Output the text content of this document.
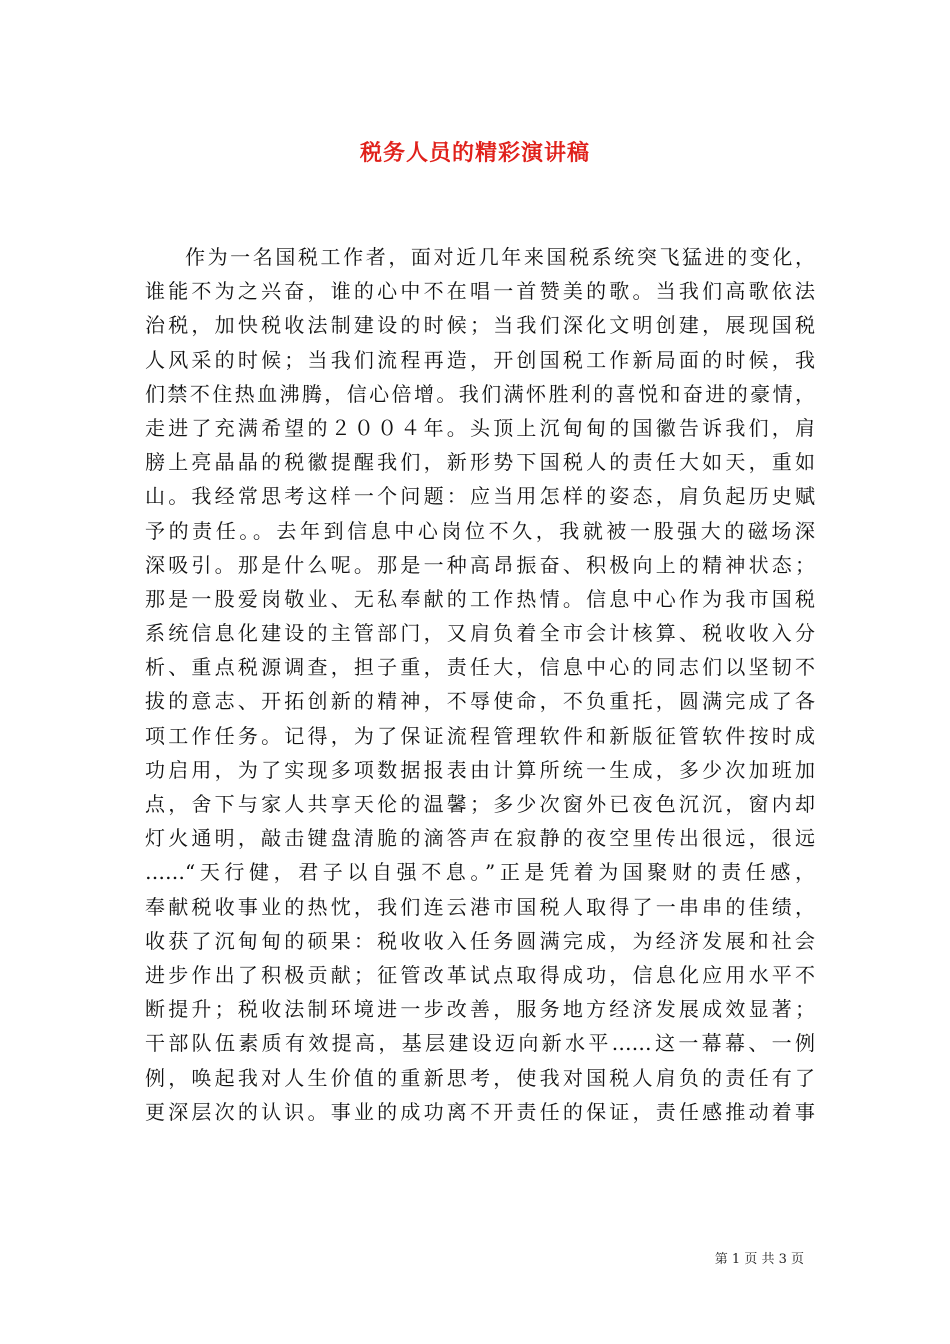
税务人员的精彩演讲稿
作为一名国税工作者，面对近几年来国税系统突飞猛进的变化，
谁能不为之兴奋，谁的心中不在唱一首赞美的歌。当我们高歌依法
治税，加快税收法制建设的时候；当我们深化文明创建，展现国税
人风采的时候；当我们流程再造，开创国税工作新局面的时候，我
们禁不住热血沸腾，信心倍增。我们满怀胜利的喜悦和奋进的豪情，
走进了充满希望的２００４年。头顶上沉甸甸的国徽告诉我们，肩
膀上亮晶晶的税徽提醒我们，新形势下国税人的责任大如天，重如
山。我经常思考这样一个问题：应当用怎样的姿态，肩负起历史赋
予的责任。。去年到信息中心岗位不久，我就被一股强大的磁场深
深吸引。那是什么呢。那是一种高昂振奋、积极向上的精神状态；
那是一股爱岗敬业、无私奉献的工作热情。信息中心作为我市国税
系统信息化建设的主管部门，又肩负着全市会计核算、税收收入分
析、重点税源调查，担子重，责任大，信息中心的同志们以坚韧不
拔的意志、开拓创新的精神，不辱使命，不负重托，圆满完成了各
项工作任务。记得，为了保证流程管理软件和新版征管软件按时成
功启用，为了实现多项数据报表由计算所统一生成，多少次加班加
点，舍下与家人共享天伦的温馨；多少次窗外已夜色沉沉，窗内却
灯火通明，敲击键盘清脆的滴答声在寂静的夜空里传出很远，很远
……“天行健，君子以自强不息。”正是凭着为国聚财的责任感，
奉献税收事业的热忱，我们连云港市国税人取得了一串串的佳绩，
收获了沉甸甸的硕果：税收收入任务圆满完成，为经济发展和社会
进步作出了积极贡献；征管改革试点取得成功，信息化应用水平不
断提升；税收法制环境进一步改善，服务地方经济发展成效显著；
干部队伍素质有效提高，基层建设迈向新水平……这一幕幕、一例
例，唤起我对人生价值的重新思考，使我对国税人肩负的责任有了
更深层次的认识。事业的成功离不开责任的保证，责任感推动着事
第 1 页 共 3 页
